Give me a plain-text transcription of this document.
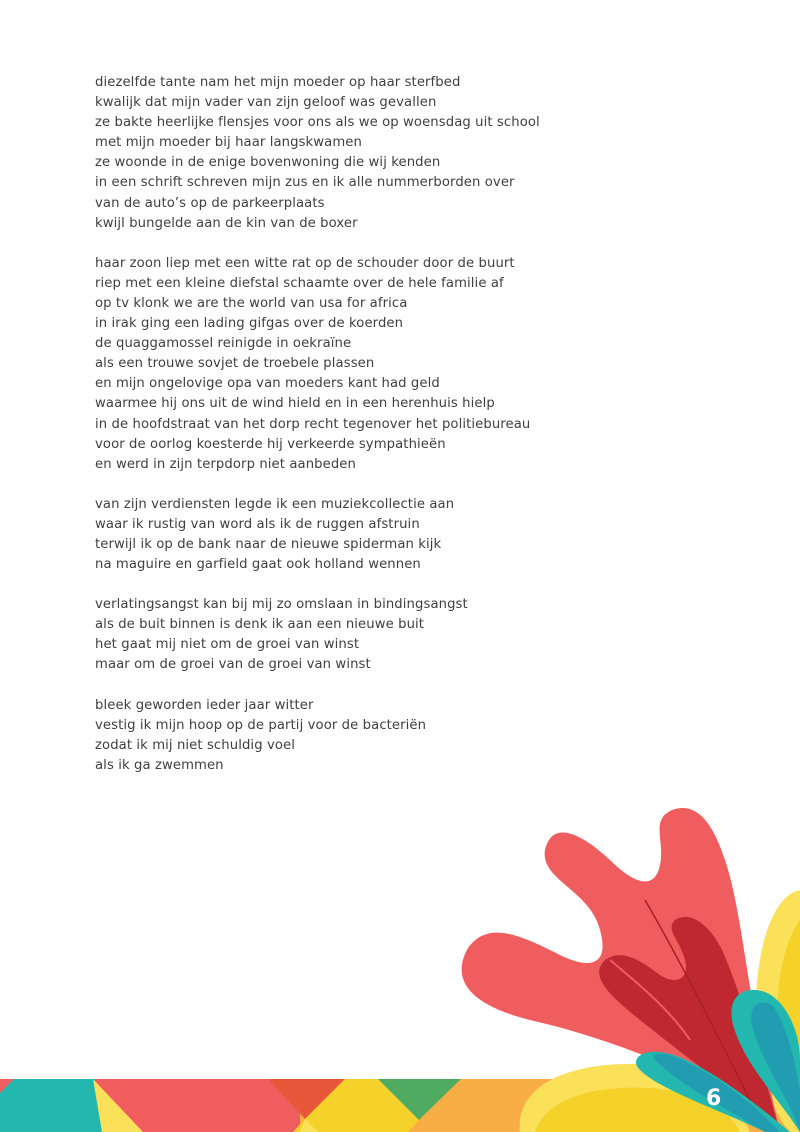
diezelfde tante nam het mijn moeder op haar sterfbed
kwalijk dat mijn vader van zijn geloof was gevallen
ze bakte heerlijke flensjes voor ons als we op woensdag uit school
met mijn moeder bij haar langskwamen
ze woonde in de enige bovenwoning die wij kenden
in een schrift schreven mijn zus en ik alle nummerborden over
van de auto’s op de parkeerplaats
kwijl bungelde aan de kin van de boxer
haar zoon liep met een witte rat op de schouder door de buurt
riep met een kleine diefstal schaamte over de hele familie af
op tv klonk we are the world van usa for africa
in irak ging een lading gifgas over de koerden
de quaggamossel reinigde in oekraïne
als een trouwe sovjet de troebele plassen
en mijn ongelovige opa van moeders kant had geld
waarmee hij ons uit de wind hield en in een herenhuis hielp
in de hoofdstraat van het dorp recht tegenover het politiebureau
voor de oorlog koesterde hij verkeerde sympathieën
en werd in zijn terpdorp niet aanbeden
van zijn verdiensten legde ik een muziekcollectie aan
waar ik rustig van word als ik de ruggen afstruin
terwijl ik op de bank naar de nieuwe spiderman kijk
na maguire en garfield gaat ook holland wennen
verlatingsangst kan bij mij zo omslaan in bindingsangst
als de buit binnen is denk ik aan een nieuwe buit
het gaat mij niet om de groei van winst
maar om de groei van de groei van winst
bleek geworden ieder jaar witter
vestig ik mijn hoop op de partij voor de bacteriën
zodat ik mij niet schuldig voel
als ik ga zwemmen
6
